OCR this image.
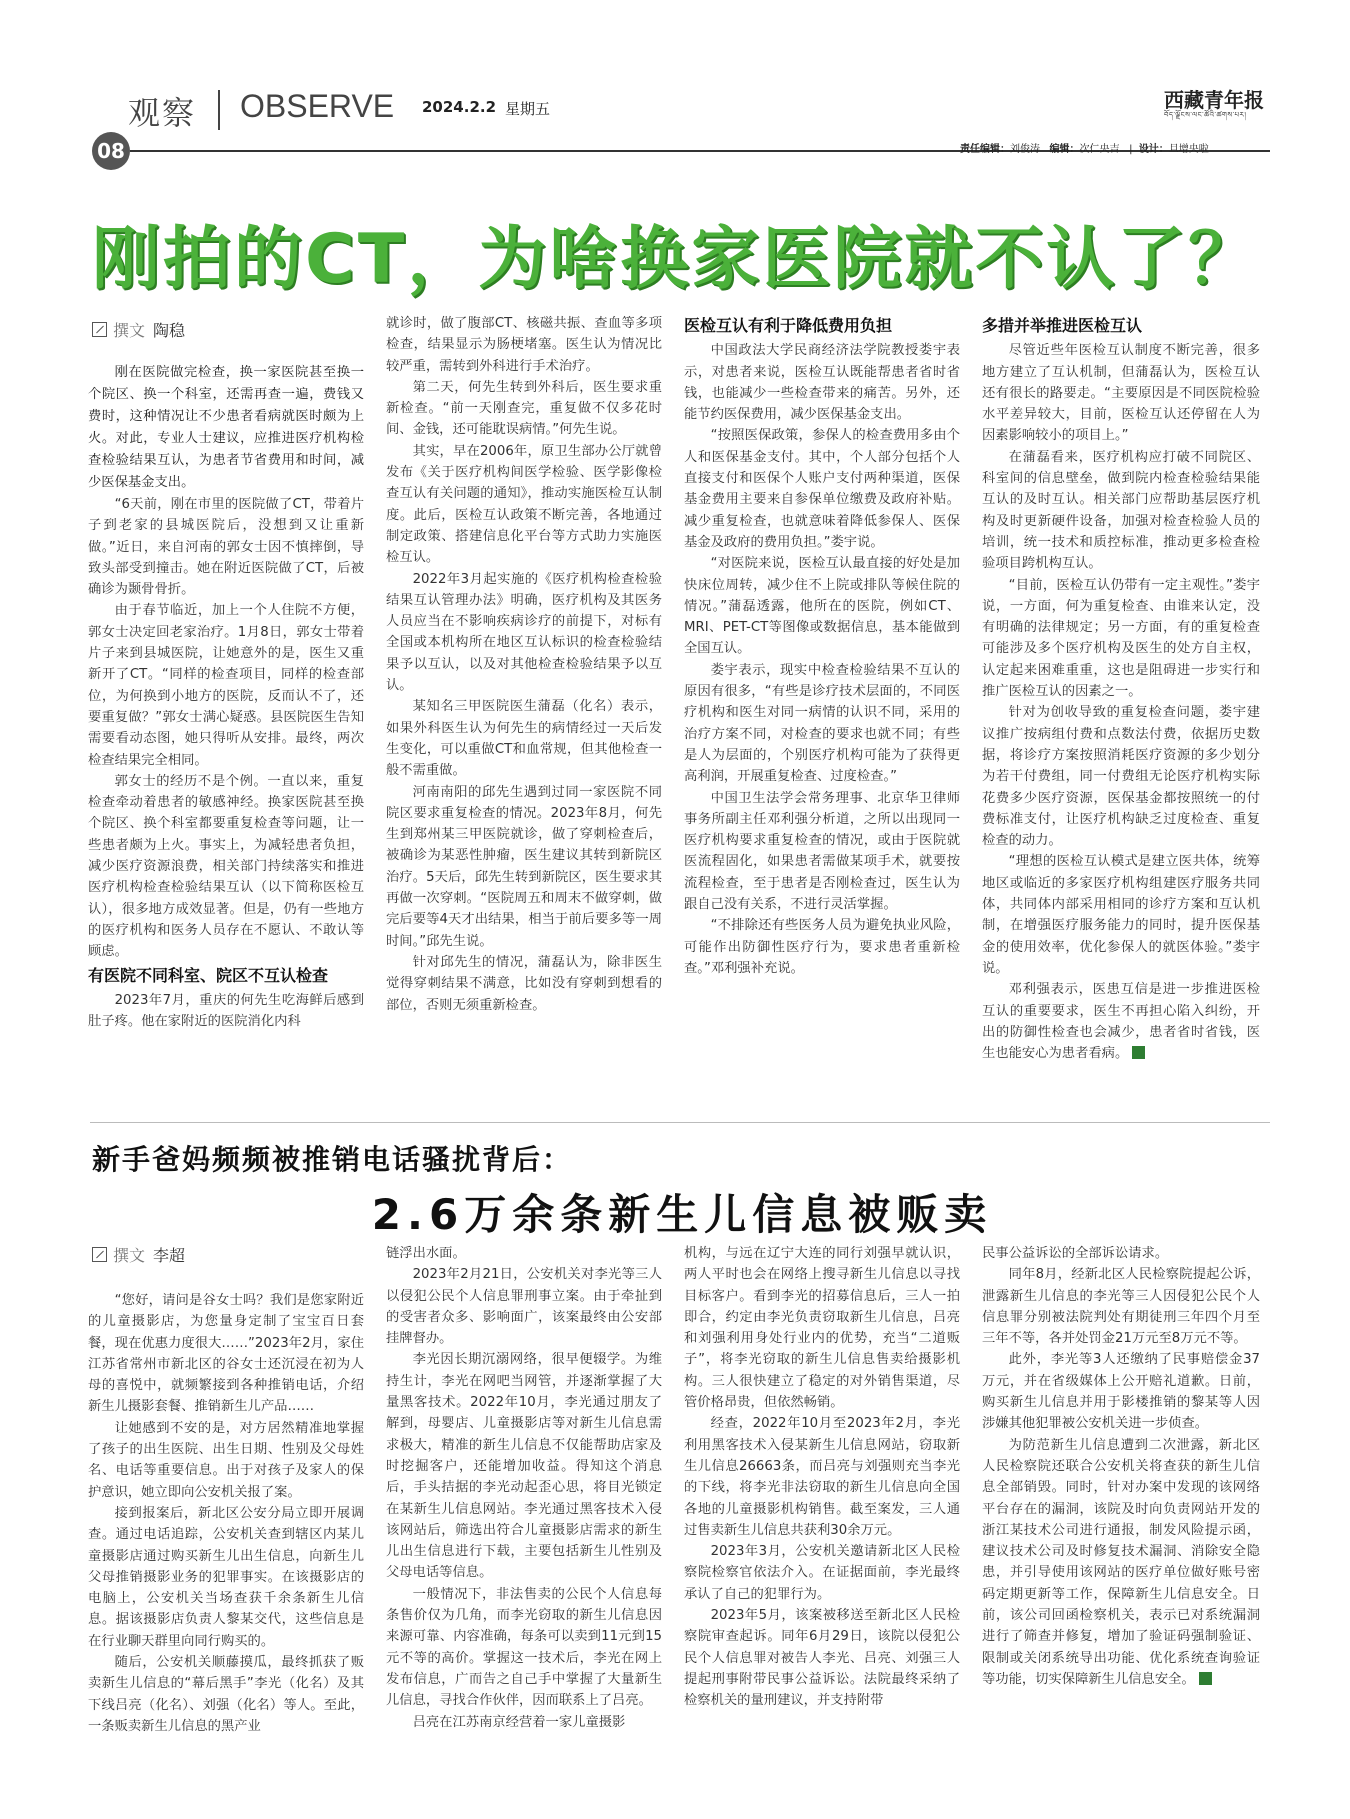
观察 OBSERVE 2024.2.2 星期五	西藏青年报
བོད་ལྗོངས་ལང་ཚོའི་ཚགས་པར།
08	责任编辑：刘俊涛 编辑：次仁央吉   |  设计：旦增央啦
刚拍的CT，为啥换家医院就不认了？
撰文 陶稳

刚在医院做完检查，换一家医院甚至换一个院区、换一个科室，还需再查一遍，费钱又费时，这种情况让不少患者看病就医时颇为上火。对此，专业人士建议，应推进医疗机构检查检验结果互认，为患者节省费用和时间，减少医保基金支出。

“6天前，刚在市里的医院做了CT，带着片子到老家的县城医院后，没想到又让重新做。”近日，来自河南的郭女士因不慎摔倒，导致头部受到撞击。她在附近医院做了CT，后被确诊为颞骨骨折。

由于春节临近，加上一个人住院不方便，郭女士决定回老家治疗。1月8日，郭女士带着片子来到县城医院，让她意外的是，医生又重新开了CT。“同样的检查项目，同样的检查部位，为何换到小地方的医院，反而认不了，还要重复做？”郭女士满心疑惑。县医院医生告知需要看动态图，她只得听从安排。最终，两次检查结果完全相同。

郭女士的经历不是个例。一直以来，重复检查牵动着患者的敏感神经。换家医院甚至换个院区、换个科室都要重复检查等问题，让一些患者颇为上火。事实上，为减轻患者负担，减少医疗资源浪费，相关部门持续落实和推进医疗机构检查检验结果互认（以下简称医检互认），很多地方成效显著。但是，仍有一些地方的医疗机构和医务人员存在不愿认、不敢认等顾虑。

有医院不同科室、院区不互认检查

2023年7月，重庆的何先生吃海鲜后感到肚子疼。他在家附近的医院消化内科

就诊时，做了腹部CT、核磁共振、查血等多项检查，结果显示为肠梗堵塞。医生认为情况比较严重，需转到外科进行手术治疗。

第二天，何先生转到外科后，医生要求重新检查。“前一天刚查完，重复做不仅多花时间、金钱，还可能耽误病情。”何先生说。

其实，早在2006年，原卫生部办公厅就曾发布《关于医疗机构间医学检验、医学影像检查互认有关问题的通知》，推动实施医检互认制度。此后，医检互认政策不断完善，各地通过制定政策、搭建信息化平台等方式助力实施医检互认。

2022年3月起实施的《医疗机构检查检验结果互认管理办法》明确，医疗机构及其医务人员应当在不影响疾病诊疗的前提下，对标有全国或本机构所在地区互认标识的检查检验结果予以互认，以及对其他检查检验结果予以互认。

某知名三甲医院医生蒲磊（化名）表示，如果外科医生认为何先生的病情经过一天后发生变化，可以重做CT和血常规，但其他检查一般不需重做。

河南南阳的邱先生遇到过同一家医院不同院区要求重复检查的情况。2023年8月，何先生到郑州某三甲医院就诊，做了穿刺检查后，被确诊为某恶性肿瘤，医生建议其转到新院区治疗。5天后，邱先生转到新院区，医生要求其再做一次穿刺。“医院周五和周末不做穿刺，做完后要等4天才出结果，相当于前后要多等一周时间。”邱先生说。

针对邱先生的情况，蒲磊认为，除非医生觉得穿刺结果不满意，比如没有穿刺到想看的部位，否则无须重新检查。

医检互认有利于降低费用负担

中国政法大学民商经济法学院教授娄宇表示，对患者来说，医检互认既能帮患者省时省钱，也能减少一些检查带来的痛苦。另外，还能节约医保费用，减少医保基金支出。

“按照医保政策，参保人的检查费用多由个人和医保基金支付。其中，个人部分包括个人直接支付和医保个人账户支付两种渠道，医保基金费用主要来自参保单位缴费及政府补贴。减少重复检查，也就意味着降低参保人、医保基金及政府的费用负担。”娄宇说。

“对医院来说，医检互认最直接的好处是加快床位周转，减少住不上院或排队等候住院的情况。”蒲磊透露，他所在的医院，例如CT、MRI、PET-CT等图像或数据信息，基本能做到全国互认。

娄宇表示，现实中检查检验结果不互认的原因有很多，“有些是诊疗技术层面的，不同医疗机构和医生对同一病情的认识不同，采用的治疗方案不同，对检查的要求也就不同；有些是人为层面的，个别医疗机构可能为了获得更高利润，开展重复检查、过度检查。”

中国卫生法学会常务理事、北京华卫律师事务所副主任邓利强分析道，之所以出现同一医疗机构要求重复检查的情况，或由于医院就医流程固化，如果患者需做某项手术，就要按流程检查，至于患者是否刚检查过，医生认为跟自己没有关系，不进行灵活掌握。

“不排除还有些医务人员为避免执业风险，可能作出防御性医疗行为，要求患者重新检查。”邓利强补充说。

多措并举推进医检互认

尽管近些年医检互认制度不断完善，很多地方建立了互认机制，但蒲磊认为，医检互认还有很长的路要走。“主要原因是不同医院检验水平差异较大，目前，医检互认还停留在人为因素影响较小的项目上。”

在蒲磊看来，医疗机构应打破不同院区、科室间的信息壁垒，做到院内检查检验结果能互认的及时互认。相关部门应帮助基层医疗机构及时更新硬件设备，加强对检查检验人员的培训，统一技术和质控标准，推动更多检查检验项目跨机构互认。

“目前，医检互认仍带有一定主观性。”娄宇说，一方面，何为重复检查、由谁来认定，没有明确的法律规定；另一方面，有的重复检查可能涉及多个医疗机构及医生的处方自主权，认定起来困难重重，这也是阻碍进一步实行和推广医检互认的因素之一。

针对为创收导致的重复检查问题，娄宇建议推广按病组付费和点数法付费，依据历史数据，将诊疗方案按照消耗医疗资源的多少划分为若干付费组，同一付费组无论医疗机构实际花费多少医疗资源，医保基金都按照统一的付费标准支付，让医疗机构缺乏过度检查、重复检查的动力。

“理想的医检互认模式是建立医共体，统筹地区或临近的多家医疗机构组建医疗服务共同体，共同体内部采用相同的诊疗方案和互认机制，在增强医疗服务能力的同时，提升医保基金的使用效率，优化参保人的就医体验。”娄宇说。

邓利强表示，医患互信是进一步推进医检互认的重要要求，医生不再担心陷入纠纷，开出的防御性检查也会减少，患者省时省钱，医生也能安心为患者看病。

新手爸妈频频被推销电话骚扰背后：
2.6万余条新生儿信息被贩卖
撰文 李超

“您好，请问是谷女士吗？我们是您家附近的儿童摄影店，为您量身定制了宝宝百日套餐，现在优惠力度很大……”2023年2月，家住江苏省常州市新北区的谷女士还沉浸在初为人母的喜悦中，就频繁接到各种推销电话，介绍新生儿摄影套餐、推销新生儿产品……

让她感到不安的是，对方居然精准地掌握了孩子的出生医院、出生日期、性别及父母姓名、电话等重要信息。出于对孩子及家人的保护意识，她立即向公安机关报了案。

接到报案后，新北区公安分局立即开展调查。通过电话追踪，公安机关查到辖区内某儿童摄影店通过购买新生儿出生信息，向新生儿父母推销摄影业务的犯罪事实。在该摄影店的电脑上，公安机关当场查获千余条新生儿信息。据该摄影店负责人黎某交代，这些信息是在行业聊天群里向同行购买的。

随后，公安机关顺藤摸瓜，最终抓获了贩卖新生儿信息的“幕后黑手”李光（化名）及其下线吕亮（化名）、刘强（化名）等人。至此，一条贩卖新生儿信息的黑产业

链浮出水面。

2023年2月21日，公安机关对李光等三人以侵犯公民个人信息罪刑事立案。由于牵扯到的受害者众多、影响面广，该案最终由公安部挂牌督办。

李光因长期沉溺网络，很早便辍学。为维持生计，李光在网吧当网管，并逐渐掌握了大量黑客技术。2022年10月，李光通过朋友了解到，母婴店、儿童摄影店等对新生儿信息需求极大，精准的新生儿信息不仅能帮助店家及时挖掘客户，还能增加收益。得知这个消息后，手头拮据的李光动起歪心思，将目光锁定在某新生儿信息网站。李光通过黑客技术入侵该网站后，筛选出符合儿童摄影店需求的新生儿出生信息进行下载，主要包括新生儿性别及父母电话等信息。

一般情况下，非法售卖的公民个人信息每条售价仅为几角，而李光窃取的新生儿信息因来源可靠、内容准确，每条可以卖到11元到15元不等的高价。掌握这一技术后，李光在网上发布信息，广而告之自己手中掌握了大量新生儿信息，寻找合作伙伴，因而联系上了吕亮。

吕亮在江苏南京经营着一家儿童摄影

机构，与远在辽宁大连的同行刘强早就认识，两人平时也会在网络上搜寻新生儿信息以寻找目标客户。看到李光的招募信息后，三人一拍即合，约定由李光负责窃取新生儿信息，吕亮和刘强利用身处行业内的优势，充当“二道贩子”，将李光窃取的新生儿信息售卖给摄影机构。三人很快建立了稳定的对外销售渠道，尽管价格昂贵，但依然畅销。

经查，2022年10月至2023年2月，李光利用黑客技术入侵某新生儿信息网站，窃取新生儿信息26663条，而吕亮与刘强则充当李光的下线，将李光非法窃取的新生儿信息向全国各地的儿童摄影机构销售。截至案发，三人通过售卖新生儿信息共获利30余万元。

2023年3月，公安机关邀请新北区人民检察院检察官依法介入。在证据面前，李光最终承认了自己的犯罪行为。

2023年5月，该案被移送至新北区人民检察院审查起诉。同年6月29日，该院以侵犯公民个人信息罪对被告人李光、吕亮、刘强三人提起刑事附带民事公益诉讼。法院最终采纳了检察机关的量刑建议，并支持附带

民事公益诉讼的全部诉讼请求。

同年8月，经新北区人民检察院提起公诉，泄露新生儿信息的李光等三人因侵犯公民个人信息罪分别被法院判处有期徒刑三年四个月至三年不等，各并处罚金21万元至8万元不等。

此外，李光等3人还缴纳了民事赔偿金37万元，并在省级媒体上公开赔礼道歉。日前，购买新生儿信息并用于影楼推销的黎某等人因涉嫌其他犯罪被公安机关进一步侦查。

为防范新生儿信息遭到二次泄露，新北区人民检察院还联合公安机关将查获的新生儿信息全部销毁。同时，针对办案中发现的该网络平台存在的漏洞，该院及时向负责网站开发的浙江某技术公司进行通报，制发风险提示函，建议技术公司及时修复技术漏洞、消除安全隐患，并引导使用该网站的医疗单位做好账号密码定期更新等工作，保障新生儿信息安全。日前，该公司回函检察机关，表示已对系统漏洞进行了筛查并修复，增加了验证码强制验证、限制或关闭系统导出功能、优化系统查询验证等功能，切实保障新生儿信息安全。
